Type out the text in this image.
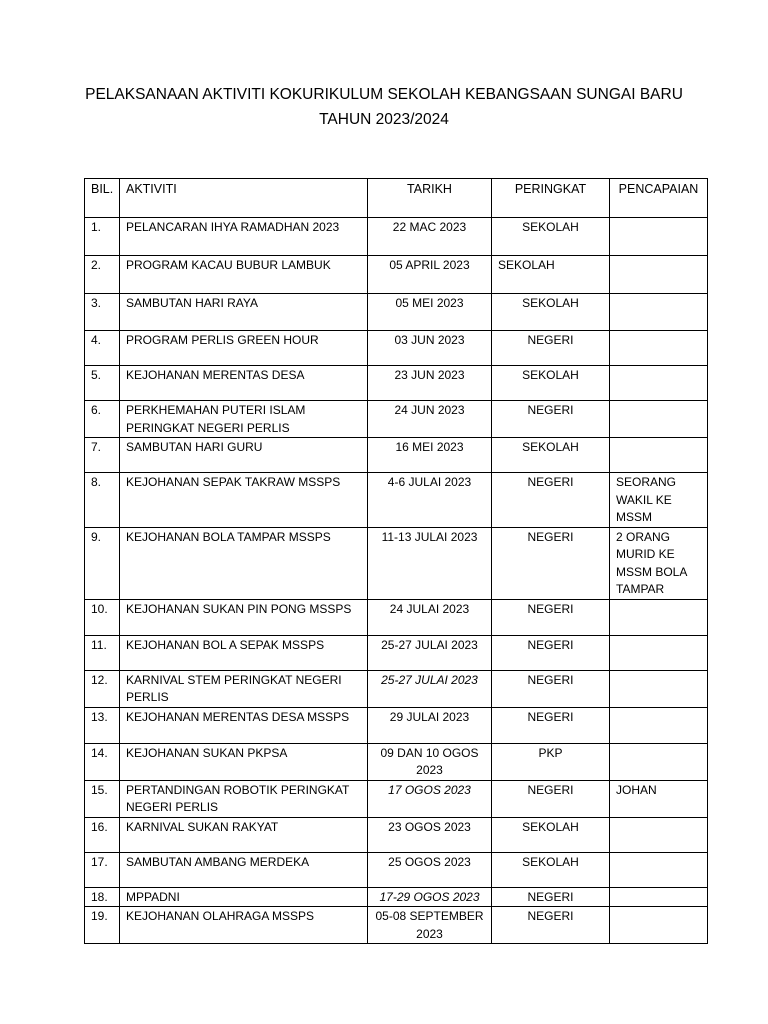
PELAKSANAAN AKTIVITI KOKURIKULUM SEKOLAH KEBANGSAAN SUNGAI BARU
TAHUN 2023/2024
BIL.	AKTIVITI	TARIKH	PERINGKAT	PENCAPAIAN
1.	PELANCARAN IHYA RAMADHAN 2023	22 MAC 2023	SEKOLAH	
2.	PROGRAM KACAU BUBUR LAMBUK	05 APRIL 2023	SEKOLAH	
3.	SAMBUTAN HARI RAYA	05 MEI 2023	SEKOLAH	
4.	PROGRAM PERLIS GREEN HOUR	03 JUN 2023	NEGERI	
5.	KEJOHANAN MERENTAS DESA	23 JUN 2023	SEKOLAH	
6.	PERKHEMAHAN PUTERI ISLAM PERINGKAT NEGERI PERLIS	24 JUN 2023	NEGERI	
7.	SAMBUTAN HARI GURU	16 MEI 2023	SEKOLAH	
8.	KEJOHANAN SEPAK TAKRAW MSSPS	4-6 JULAI 2023	NEGERI	SEORANG WAKIL KE MSSM
9.	KEJOHANAN BOLA TAMPAR MSSPS	11-13 JULAI 2023	NEGERI	2 ORANG MURID KE MSSM BOLA TAMPAR
10.	KEJOHANAN SUKAN PIN PONG MSSPS	24 JULAI 2023	NEGERI	
11.	KEJOHANAN BOL A SEPAK MSSPS	25-27 JULAI 2023	NEGERI	
12.	KARNIVAL STEM PERINGKAT NEGERI PERLIS	25-27 JULAI 2023	NEGERI	
13.	KEJOHANAN MERENTAS DESA MSSPS	29 JULAI 2023	NEGERI	
14.	KEJOHANAN SUKAN PKPSA	09 DAN 10 OGOS 2023	PKP	
15.	PERTANDINGAN ROBOTIK PERINGKAT NEGERI PERLIS	17 OGOS 2023	NEGERI	JOHAN
16.	KARNIVAL SUKAN RAKYAT	23 OGOS 2023	SEKOLAH	
17.	SAMBUTAN AMBANG MERDEKA	25 OGOS 2023	SEKOLAH	
18.	MPPADNI	17-29 OGOS 2023	NEGERI	
19.	KEJOHANAN OLAHRAGA MSSPS	05-08 SEPTEMBER 2023	NEGERI	
